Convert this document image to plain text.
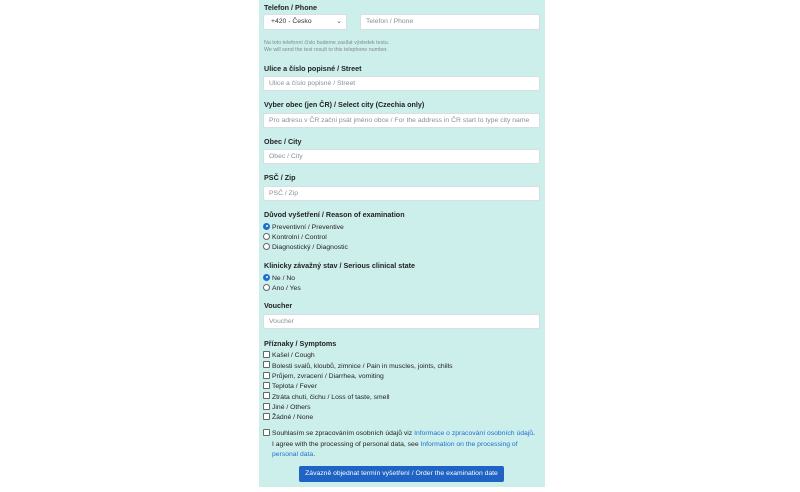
Telefon / Phone
+420 - Česko	⌄	Telefon / Phone
Na toto telefonní číslo budeme zasílat výsledek testu.
We will send the test result to this telephone number.
Ulice a číslo popisné / Street
Ulice a číslo popisné / Street
Vyber obec (jen ČR) / Select city (Czechia only)
Pro adresu v ČR začni psát jméno obce / For the address in ČR start to type city name
Obec / City
Obec / City
PSČ / Zip
PSČ / Zip
Důvod vyšetření / Reason of examination
Preventivní / Preventive
Kontrolní / Control
Diagnostický / Diagnostic
Klinicky závažný stav / Serious clinical state
Ne / No
Ano / Yes
Voucher
Voucher
Příznaky / Symptoms
Kašel / Cough
Bolesti svalů, kloubů, zimnice / Pain in muscles, joints, chills
Průjem, zvracení / Diarrhea, vomiting
Teplota / Fever
Ztráta chuti, čichu / Loss of taste, smell
Jiné / Others
Žádné / None
Souhlasím se zpracováním osobních údajů viz Informace o zpracování osobních údajů.
I agree with the processing of personal data, see Information on the processing of personal data.
Závazně objednat termín vyšetření / Order the examination date
